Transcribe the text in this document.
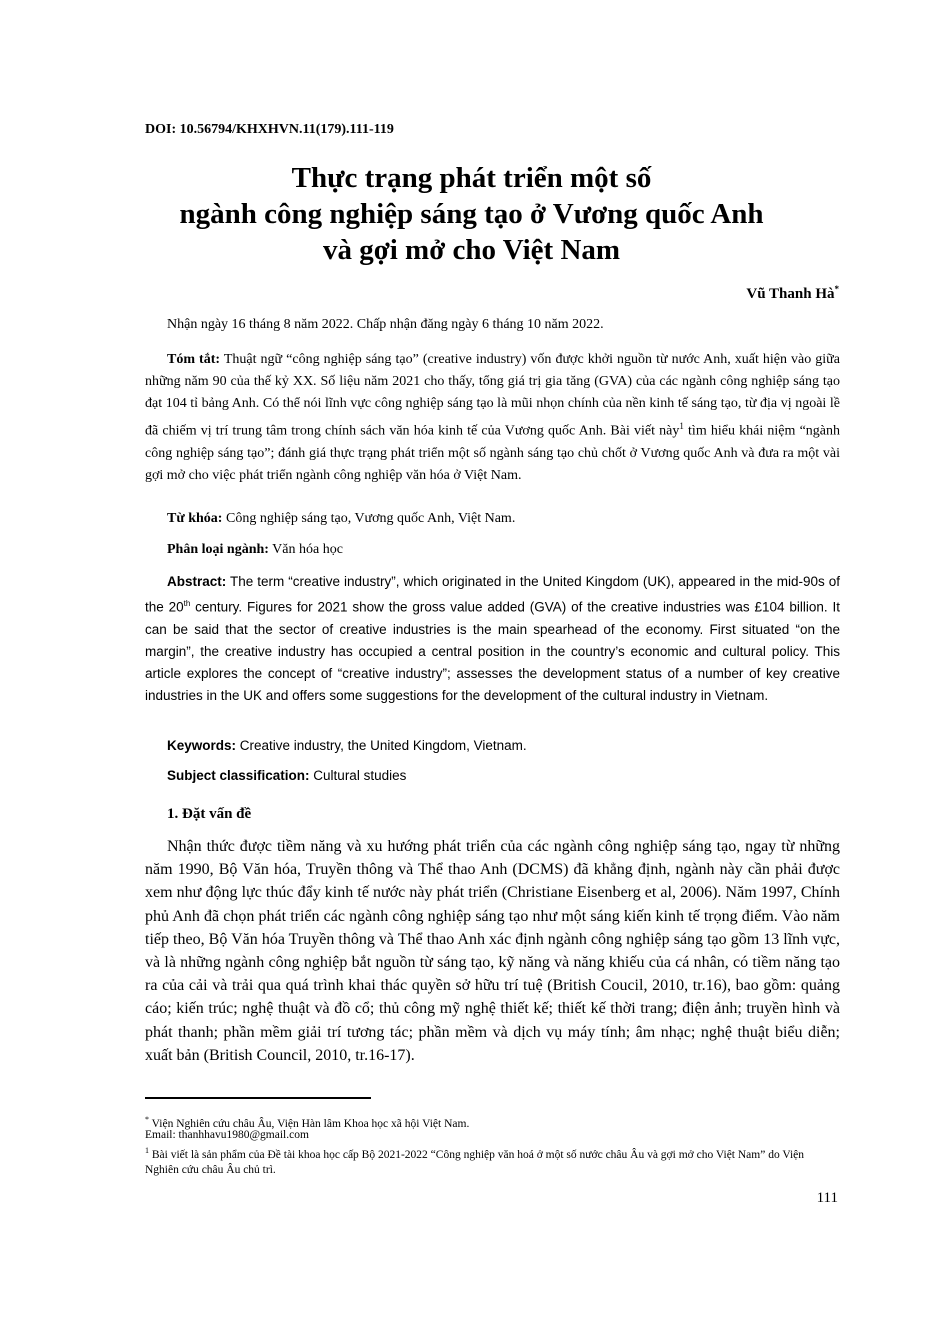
DOI: 10.56794/KHXHVN.11(179).111-119
Thực trạng phát triển một số
ngành công nghiệp sáng tạo ở Vương quốc Anh
và gợi mở cho Việt Nam
Vũ Thanh Hà*
Nhận ngày 16 tháng 8 năm 2022. Chấp nhận đăng ngày 6 tháng 10 năm 2022.
Tóm tắt: Thuật ngữ “công nghiệp sáng tạo” (creative industry) vốn được khởi nguồn từ nước Anh, xuất hiện vào giữa những năm 90 của thế kỷ XX. Số liệu năm 2021 cho thấy, tổng giá trị gia tăng (GVA) của các ngành công nghiệp sáng tạo đạt 104 tỉ bảng Anh. Có thể nói lĩnh vực công nghiệp sáng tạo là mũi nhọn chính của nền kinh tế sáng tạo, từ địa vị ngoài lề đã chiếm vị trí trung tâm trong chính sách văn hóa kinh tế của Vương quốc Anh. Bài viết này$^1$ tìm hiểu khái niệm “ngành công nghiệp sáng tạo”; đánh giá thực trạng phát triển một số ngành sáng tạo chủ chốt ở Vương quốc Anh và đưa ra một vài gợi mở cho việc phát triển ngành công nghiệp văn hóa ở Việt Nam.
Từ khóa: Công nghiệp sáng tạo, Vương quốc Anh, Việt Nam.
Phân loại ngành: Văn hóa học
Abstract: The term “creative industry”, which originated in the United Kingdom (UK), appeared in the mid-90s of the 20th century. Figures for 2021 show the gross value added (GVA) of the creative industries was £104 billion. It can be said that the sector of creative industries is the main spearhead of the economy. First situated “on the margin”, the creative industry has occupied a central position in the country’s economic and cultural policy. This article explores the concept of “creative industry”; assesses the development status of a number of key creative industries in the UK and offers some suggestions for the development of the cultural industry in Vietnam.
Keywords: Creative industry, the United Kingdom, Vietnam.
Subject classification: Cultural studies
1. Đặt vấn đề
Nhận thức được tiềm năng và xu hướng phát triển của các ngành công nghiệp sáng tạo, ngay từ những năm 1990, Bộ Văn hóa, Truyền thông và Thể thao Anh (DCMS) đã khẳng định, ngành này cần phải được xem như động lực thúc đẩy kinh tế nước này phát triển (Christiane Eisenberg et al, 2006). Năm 1997, Chính phủ Anh đã chọn phát triển các ngành công nghiệp sáng tạo như một sáng kiến kinh tế trọng điểm. Vào năm tiếp theo, Bộ Văn hóa Truyền thông và Thể thao Anh xác định ngành công nghiệp sáng tạo gồm 13 lĩnh vực, và là những ngành công nghiệp bắt nguồn từ sáng tạo, kỹ năng và năng khiếu của cá nhân, có tiềm năng tạo ra của cải và trải qua quá trình khai thác quyền sở hữu trí tuệ (British Coucil, 2010, tr.16), bao gồm: quảng cáo; kiến trúc; nghệ thuật và đồ cổ; thủ công mỹ nghệ thiết kế; thiết kế thời trang; điện ảnh; truyền hình và phát thanh; phần mềm giải trí tương tác; phần mềm và dịch vụ máy tính; âm nhạc; nghệ thuật biểu diễn; xuất bản (British Council, 2010, tr.16-17).
* Viện Nghiên cứu châu Âu, Viện Hàn lâm Khoa học xã hội Việt Nam.
Email: thanhhavu1980@gmail.com
$^1$ Bài viết là sản phẩm của Đề tài khoa học cấp Bộ 2021-2022 “Công nghiệp văn hoá ở một số nước châu Âu và gợi mở cho Việt Nam” do Viện Nghiên cứu châu Âu chủ trì.
111
